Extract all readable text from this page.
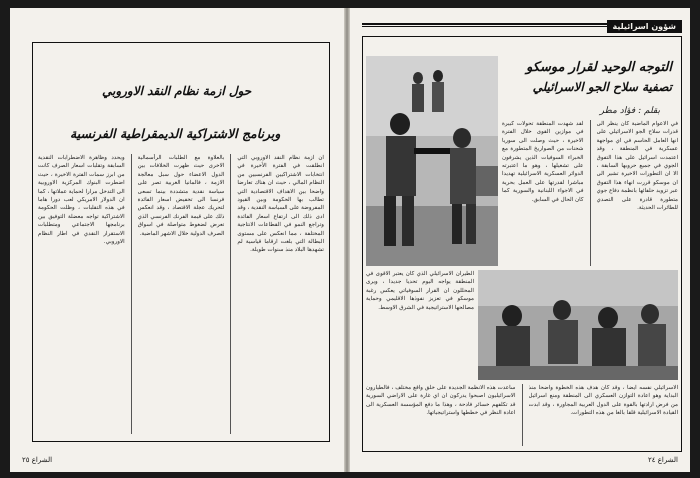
حول ازمة نظام النقد الاوروبي
وبرنامج الاشتراكية الديمقراطية الفرنسية
ان ازمة نظام النقد الاوروبي التي انطلقت في الفترة الأخيرة في انتخابات الاشتراكيين الفرنسيين من النظام المالي ، حيث ان هناك تعارضا واضحا بين الاهداف الاقتصادية التي تطالب بها الحكومة وبين القيود المفروضة على السياسة النقدية ، وقد ادى ذلك الى ارتفاع اسعار الفائدة وتراجع النمو في القطاعات الانتاجية المختلفة ، مما انعكس على مستوى البطالة التي بلغت ارقاما قياسية لم تشهدها البلاد منذ سنوات طويلة.
بالعلاوة مع الطلبات الرأسمالية الاخرى حيث ظهرت الخلافات بين الدول الاعضاء حول سبل معالجة الازمة ، فالمانيا الغربية تصر على سياسة نقدية متشددة بينما تسعى فرنسا الى تخفيض اسعار الفائدة لتحريك عجلة الاقتصاد ، وقد انعكس ذلك على قيمة الفرنك الفرنسي الذي تعرض لضغوط متواصلة في اسواق الصرف الدولية خلال الاشهر الماضية.
ويحدد وظاهرة الاضطرابات النقدية السابقة وتقلبات اسعار الصرف كانت من ابرز سمات الفترة الاخيرة ، حيث اضطرت البنوك المركزية الاوروبية الى التدخل مرارا لحماية عملاتها ، كما ان الدولار الامريكي لعب دورا هاما في هذه التقلبات ، وظلت الحكومة الاشتراكية تواجه معضلة التوفيق بين برنامجها الاجتماعي ومتطلبات الاستقرار النقدي في اطار النظام الاوروبي.
الشراع ٢٥
شؤون اسرائيلية
التوجه الوحيد لقرار موسكو
تصفية سلاح الجو الاسرائيلي
بقلم : فؤاد مطر
في الاعوام الماضية كان ينظر الى قدرات سلاح الجو الاسرائيلي على انها العامل الحاسم في اي مواجهة عسكرية في المنطقة ، وقد اعتمدت اسرائيل على هذا التفوق الجوي في جميع حروبها السابقة ، الا ان التطورات الاخيرة تشير الى ان موسكو قررت انهاء هذا التفوق عبر تزويد حلفائها بانظمة دفاع جوي متطورة قادرة على التصدي للطائرات الحديثة.
لقد شهدت المنطقة تحولات كبيرة في موازين القوى خلال الفترة الاخيرة ، حيث وصلت الى سوريا شحنات من الصواريخ المتطورة مع الخبراء السوفيات الذين يشرفون على تشغيلها ، وهو ما اعتبرته الدوائر العسكرية الاسرائيلية تهديدا مباشرا لقدرتها على العمل بحرية في الاجواء اللبنانية والسورية كما كان الحال في السابق.
الطيران الاسرائيلي الذي كان يعتبر الاقوى في المنطقة يواجه اليوم تحديا جديدا ، ويرى المحللون ان القرار السوفياتي يعكس رغبة موسكو في تعزيز نفوذها الاقليمي وحماية مصالحها الاستراتيجية في الشرق الاوسط.
الاسرائيلي نفسه ايضا ، وقد كان هدف هذه الخطوة واضحا منذ البداية وهو اعادة التوازن العسكري الى المنطقة ومنع اسرائيل من فرض ارادتها بالقوة على الدول العربية المجاورة ، وقد ابدت القيادة الاسرائيلية قلقا بالغا من هذه التطورات.
ساعدت هذه الانظمة الجديدة على خلق واقع مختلف ، فالطيارون الاسرائيليون اصبحوا يدركون ان اي غارة على الاراضي السورية قد تكلفهم خسائر فادحة ، وهذا ما دفع المؤسسة العسكرية الى اعادة النظر في خططها واستراتيجياتها.
الشراع ٢٤
